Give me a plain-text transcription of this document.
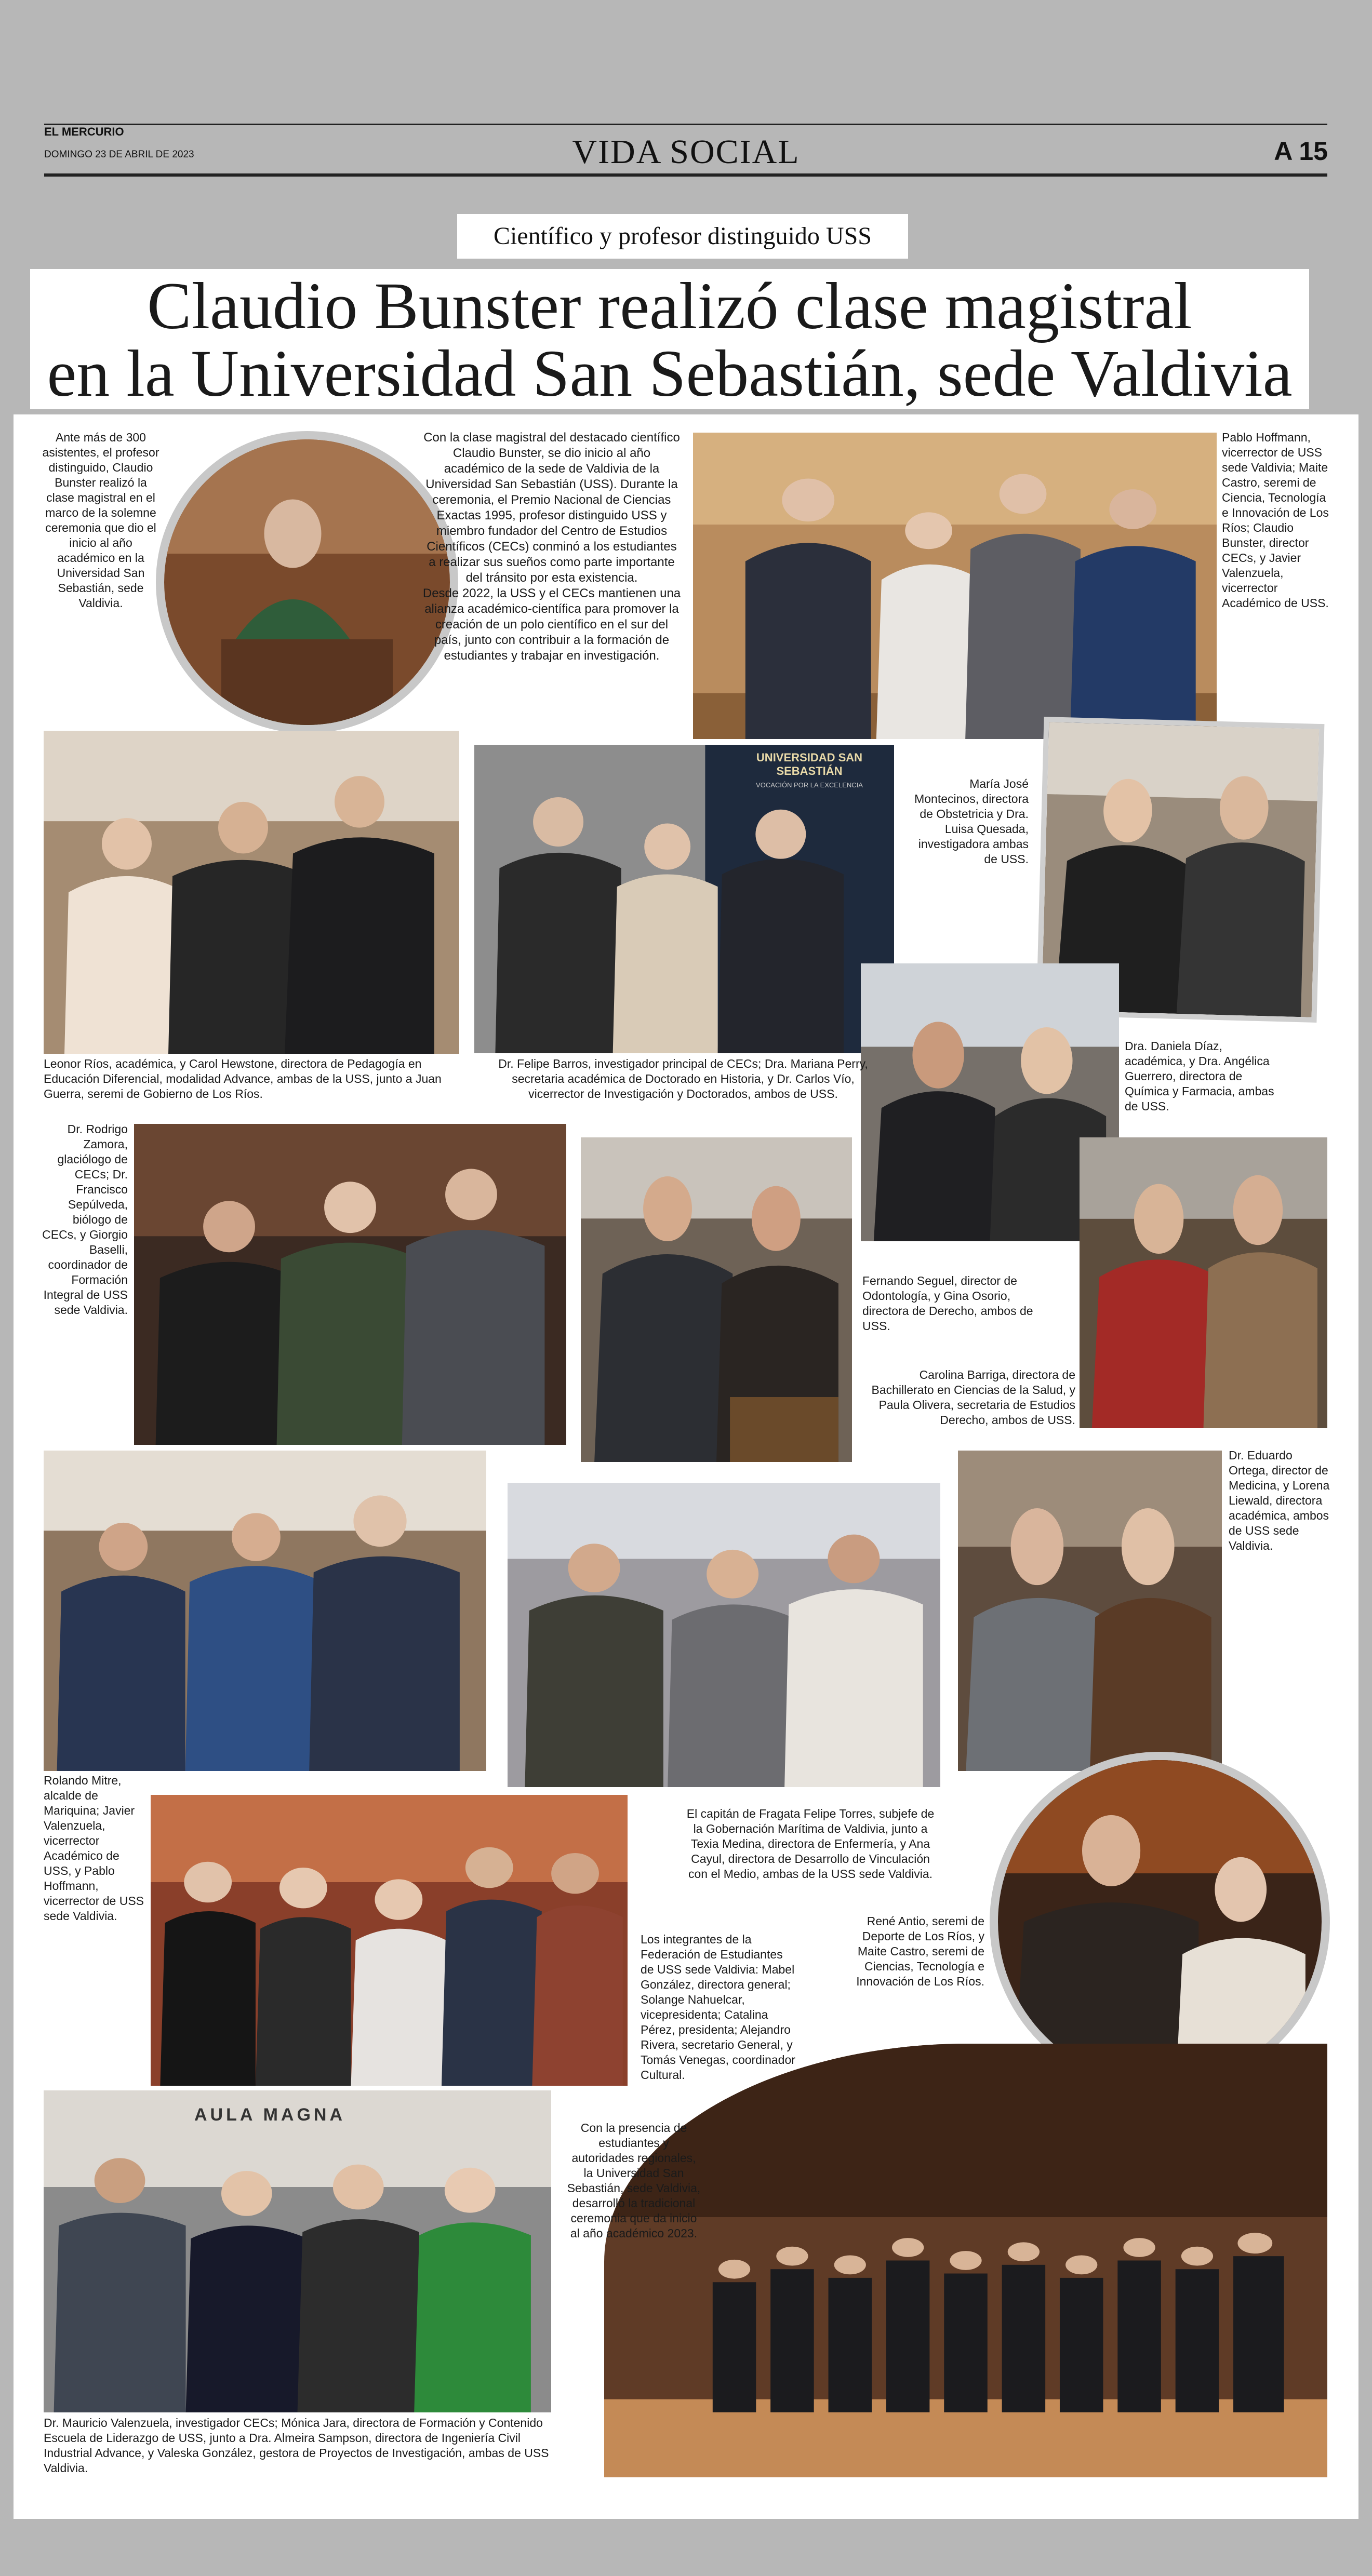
EL MERCURIO
DOMINGO 23 DE ABRIL DE 2023	VIDA SOCIAL	A 15
Científico y profesor distinguido USS
Claudio Bunster realizó clase magistral
en la Universidad San Sebastián, sede Valdivia
UNIVERSIDAD SAN SEBASTIÁN
VOCACIÓN POR LA EXCELENCIA
AULA MAGNA
Ante más de 300 asistentes, el profesor distinguido, Claudio Bunster realizó la clase magistral en el marco de la solemne ceremonia que dio el inicio al año académico en la Universidad San Sebastián, sede Valdivia.
Con la clase magistral del destacado científico Claudio Bunster, se dio inicio al año académico de la sede de Valdivia de la Universidad San Sebastián (USS). Durante la ceremonia, el Premio Nacional de Ciencias Exactas 1995, profesor distinguido USS y miembro fundador del Centro de Estudios Científicos (CECs) conminó a los estudiantes a realizar sus sueños como parte importante del tránsito por esta existencia.
Desde 2022, la USS y el CECs mantienen una alianza académico-científica para promover la creación de un polo científico en el sur del país, junto con contribuir a la formación de estudiantes y trabajar en investigación.
Pablo Hoffmann, vicerrector de USS sede Valdivia; Maite Castro, seremi de Ciencia, Tecnología e Innovación de Los Ríos; Claudio Bunster, director CECs, y Javier Valenzuela, vicerrector Académico de USS.
Leonor Ríos, académica, y Carol Hewstone, directora de Pedagogía en Educación Diferencial, modalidad Advance, ambas de la USS, junto a Juan Guerra, seremi de Gobierno de Los Ríos.
Dr. Felipe Barros, investigador principal de CECs; Dra. Mariana Perry, secretaria académica de Doctorado en Historia, y Dr. Carlos Vío, vicerrector de Investigación y Doctorados, ambos de USS.
María José Montecinos, directora de Obstetricia y Dra. Luisa Quesada, investigadora ambas de USS.
Dra. Daniela Díaz, académica, y Dra. Angélica Guerrero, directora de Química y Farmacia, ambas de USS.
Dr. Rodrigo Zamora, glaciólogo de CECs; Dr. Francisco Sepúlveda, biólogo de CECs, y Giorgio Baselli, coordinador de Formación Integral de USS sede Valdivia.
Fernando Seguel, director de Odontología, y Gina Osorio, directora de Derecho, ambos de USS.
Carolina Barriga, directora de Bachillerato en Ciencias de la Salud, y Paula Olivera, secretaria de Estudios Derecho, ambos de USS.
Dr. Eduardo Ortega, director de Medicina, y Lorena Liewald, directora académica, ambos de USS sede Valdivia.
Rolando Mitre, alcalde de Mariquina; Javier Valenzuela, vicerrector Académico de USS, y Pablo Hoffmann, vicerrector de USS sede Valdivia.
El capitán de Fragata Felipe Torres, subjefe de la Gobernación Marítima de Valdivia, junto a Texia Medina, directora de Enfermería, y Ana Cayul, directora de Desarrollo de Vinculación con el Medio, ambas de la USS sede Valdivia.
René Antio, seremi de Deporte de Los Ríos, y Maite Castro, seremi de Ciencias, Tecnología e Innovación de Los Ríos.
Los integrantes de la Federación de Estudiantes de USS sede Valdivia: Mabel González, directora general; Solange Nahuelcar, vicepresidenta; Catalina Pérez, presidenta; Alejandro Rivera, secretario General, y Tomás Venegas, coordinador Cultural.
Con la presencia de estudiantes y autoridades regionales, la Universidad San Sebastián, sede Valdivia, desarrolló la tradicional ceremonia que da inicio al año académico 2023.
Dr. Mauricio Valenzuela, investigador CECs; Mónica Jara, directora de Formación y Contenido Escuela de Liderazgo de USS, junto a Dra. Almeira Sampson, directora de Ingeniería Civil Industrial Advance, y Valeska González, gestora de Proyectos de Investigación, ambas de USS Valdivia.
